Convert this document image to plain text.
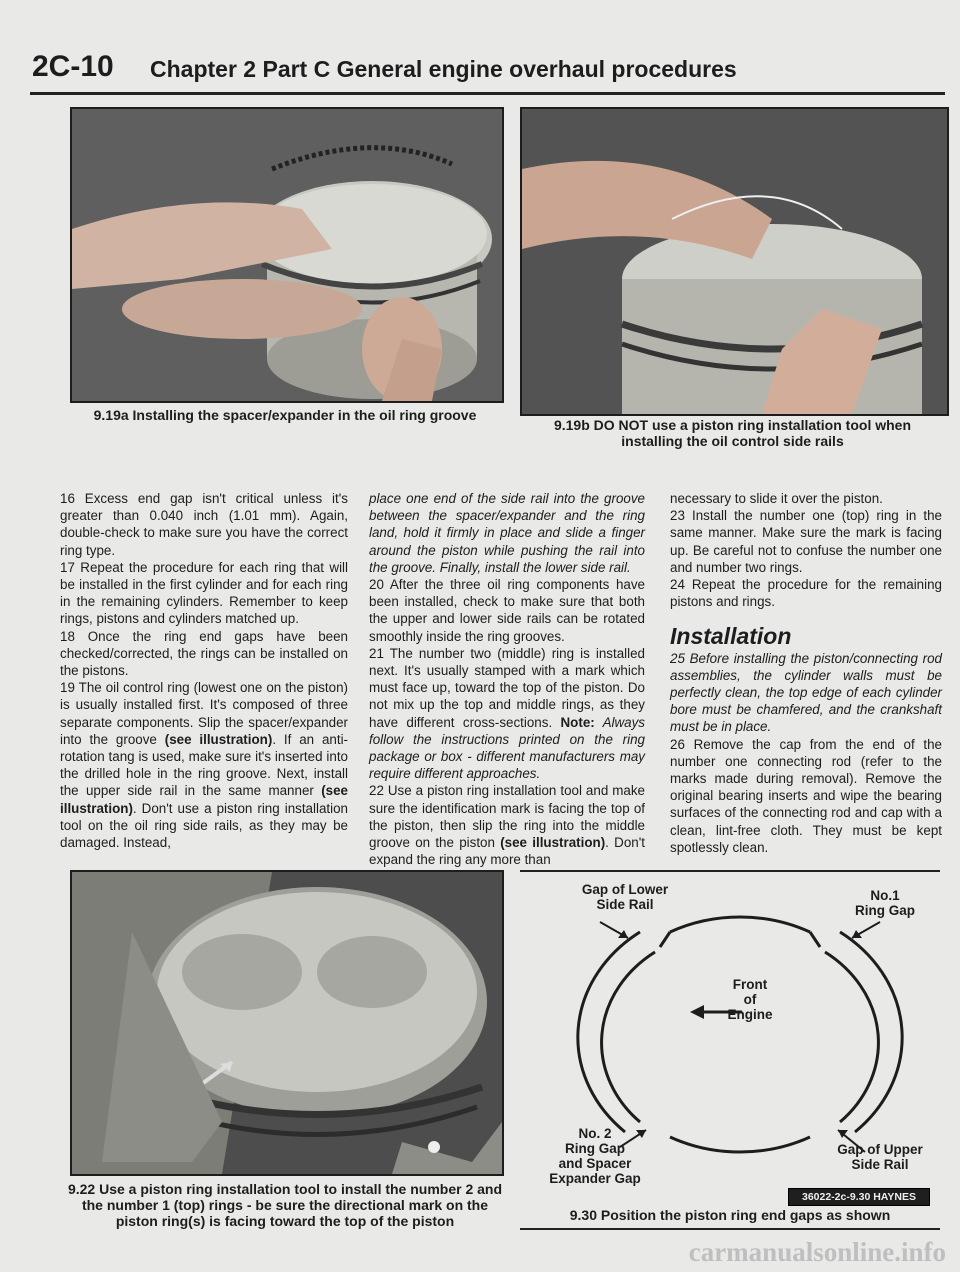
2C-10 Chapter 2 Part C General engine overhaul procedures
9.19a Installing the spacer/expander in the oil ring groove
9.19b DO NOT use a piston ring installation tool when
installing the oil control side rails

16 Excess end gap isn't critical unless it's greater than 0.040 inch (1.01 mm). Again, double-check to make sure you have the correct ring type.

17 Repeat the procedure for each ring that will be installed in the first cylinder and for each ring in the remaining cylinders. Remember to keep rings, pistons and cylinders matched up.

18 Once the ring end gaps have been checked/corrected, the rings can be installed on the pistons.

19 The oil control ring (lowest one on the piston) is usually installed first. It's composed of three separate components. Slip the spacer/expander into the groove (see illustration). If an anti-rotation tang is used, make sure it's inserted into the drilled hole in the ring groove. Next, install the upper side rail in the same manner (see illustration). Don't use a piston ring installation tool on the oil ring side rails, as they may be damaged. Instead,

place one end of the side rail into the groove between the spacer/expander and the ring land, hold it firmly in place and slide a finger around the piston while pushing the rail into the groove. Finally, install the lower side rail.

20 After the three oil ring components have been installed, check to make sure that both the upper and lower side rails can be rotated smoothly inside the ring grooves.

21 The number two (middle) ring is installed next. It's usually stamped with a mark which must face up, toward the top of the piston. Do not mix up the top and middle rings, as they have different cross-sections. Note: Always follow the instructions printed on the ring package or box - different manufacturers may require different approaches.

22 Use a piston ring installation tool and make sure the identification mark is facing the top of the piston, then slip the ring into the middle groove on the piston (see illustration). Don't expand the ring any more than

necessary to slide it over the piston.

23 Install the number one (top) ring in the same manner. Make sure the mark is facing up. Be careful not to confuse the number one and number two rings.

24 Repeat the procedure for the remaining pistons and rings.

Installation

25 Before installing the piston/connecting rod assemblies, the cylinder walls must be perfectly clean, the top edge of each cylinder bore must be chamfered, and the crankshaft must be in place.

26 Remove the cap from the end of the number one connecting rod (refer to the marks made during removal). Remove the original bearing inserts and wipe the bearing surfaces of the connecting rod and cap with a clean, lint-free cloth. They must be kept spotlessly clean.

9.22 Use a piston ring installation tool to install the number 2 and
the number 1 (top) rings - be sure the directional mark on the
piston ring(s) is facing toward the top of the piston
Gap of Lower
Side Rail
No.1
Ring Gap
Front
of
Engine
No. 2
Ring Gap
and Spacer
Expander Gap
Gap of Upper
Side Rail
36022-2c-9.30 HAYNES
9.30 Position the piston ring end gaps as shown
carmanualsonline.info
